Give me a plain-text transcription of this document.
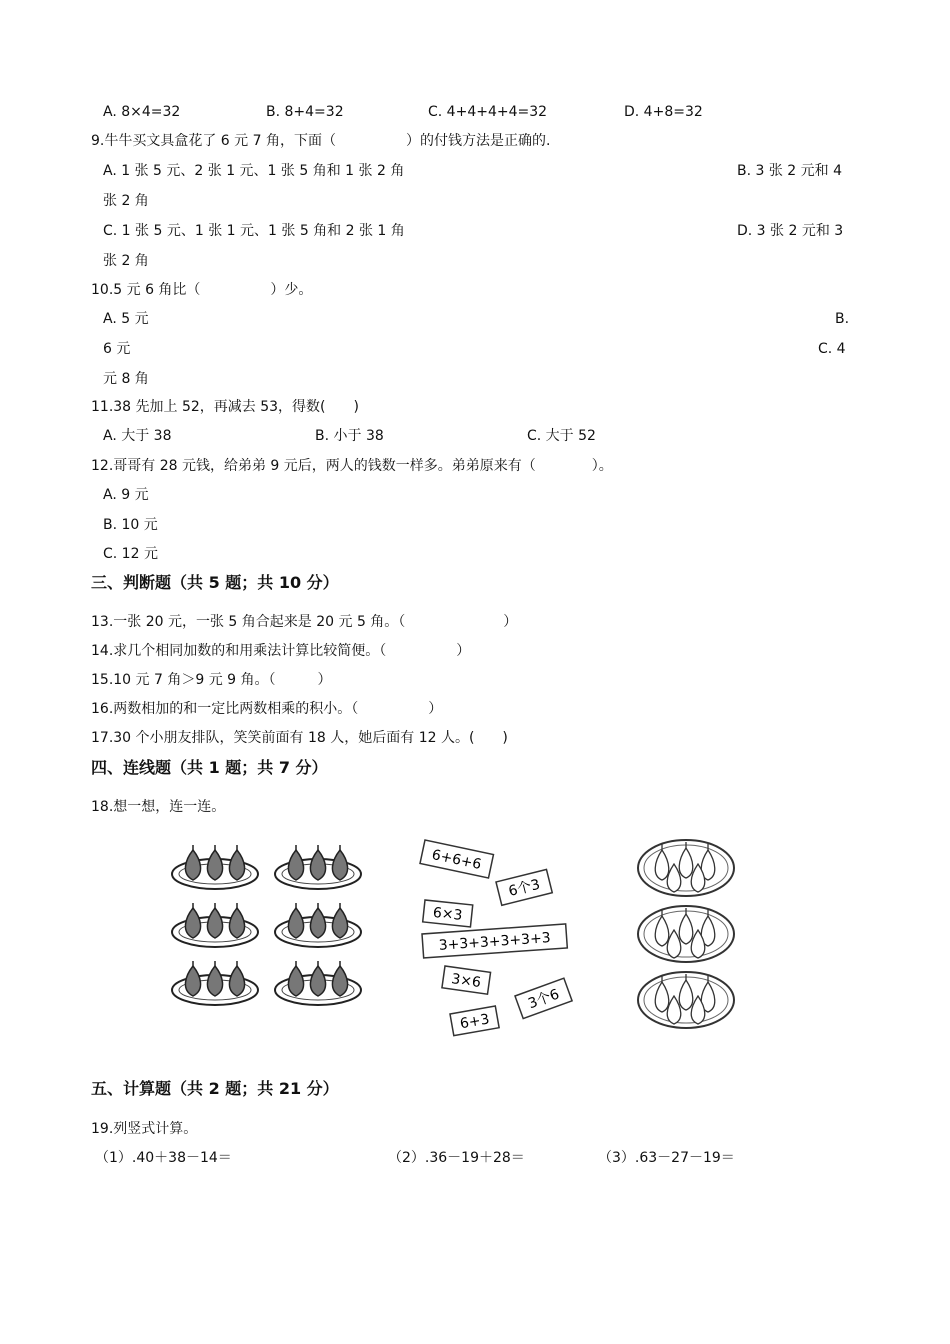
A. 8×4=32	B. 8+4=32	C. 4+4+4+4=32	D. 4+8=32
9.牛牛买文具盒花了 6 元 7 角，下面（　　　　　）的付钱方法是正确的.
A. 1 张 5 元、2 张 1 元、1 张 5 角和 1 张 2 角	B. 3 张 2 元和 4
张 2 角
C. 1 张 5 元、1 张 1 元、1 张 5 角和 2 张 1 角	D. 3 张 2 元和 3
张 2 角
10.5 元 6 角比（　　　　　）少。
A. 5 元	B.
6 元	C. 4
元 8 角
11.38 先加上 52，再减去 53，得数(　　)
A. 大于 38	B. 小于 38	C. 大于 52
12.哥哥有 28 元钱，给弟弟 9 元后，两人的钱数一样多。弟弟原来有（　　　　）。
A. 9 元
B. 10 元
C. 12 元
三、判断题（共 5 题；共 10 分）
13.一张 20 元，一张 5 角合起来是 20 元 5 角。（　　　　　　　）
14.求几个相同加数的和用乘法计算比较简便。（　　　　　）
15.10 元 7 角＞9 元 9 角。（　　　）
16.两数相加的和一定比两数相乘的积小。（　　　　　）
17.30 个小朋友排队，笑笑前面有 18 人，她后面有 12 人。(　　)
四、连线题（共 1 题；共 7 分）
18.想一想，连一连。
6+6+6
6个3
6×3
3+3+3+3+3+3
3×6
3个6
6+3
五、计算题（共 2 题；共 21 分）
19.列竖式计算。
（1）.40＋38－14＝	（2）.36－19＋28＝	（3）.63－27－19＝
